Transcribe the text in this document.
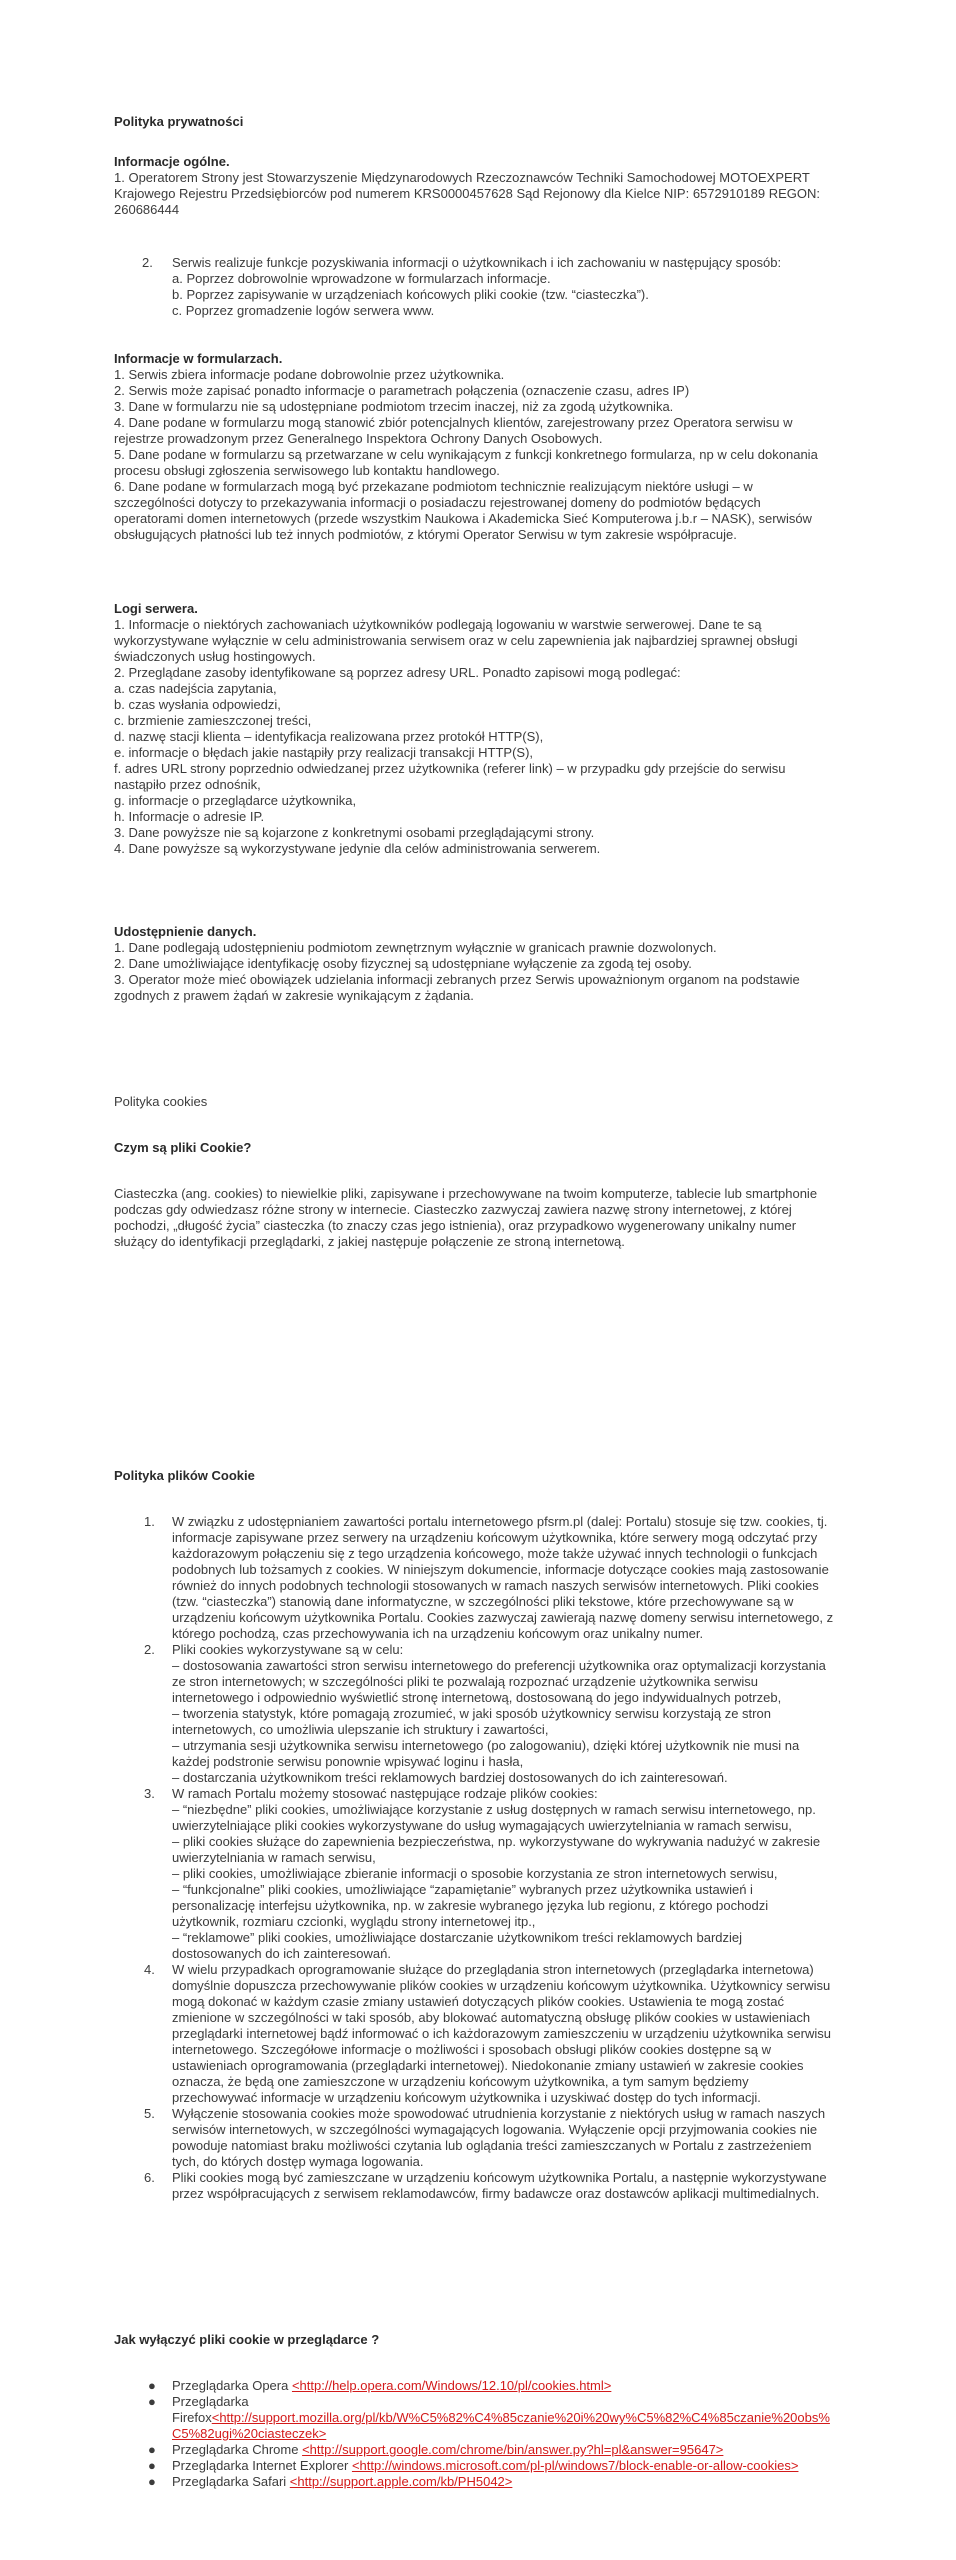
Polityka prywatności
Informacje ogólne.
1. Operatorem Strony jest Stowarzyszenie Międzynarodowych Rzeczoznawców Techniki Samochodowej MOTOEXPERT
Krajowego Rejestru Przedsiębiorców pod numerem KRS0000457628 Sąd Rejonowy dla Kielce NIP: 6572910189 REGON:
260686444
2.	Serwis realizuje funkcje pozyskiwania informacji o użytkownikach i ich zachowaniu w następujący sposób:
a. Poprzez dobrowolnie wprowadzone w formularzach informacje.
b. Poprzez zapisywanie w urządzeniach końcowych pliki cookie (tzw. “ciasteczka”).
c. Poprzez gromadzenie logów serwera www.
Informacje w formularzach.
1. Serwis zbiera informacje podane dobrowolnie przez użytkownika.
2. Serwis może zapisać ponadto informacje o parametrach połączenia (oznaczenie czasu, adres IP)
3. Dane w formularzu nie są udostępniane podmiotom trzecim inaczej, niż za zgodą użytkownika.
4. Dane podane w formularzu mogą stanowić zbiór potencjalnych klientów, zarejestrowany przez Operatora serwisu w
rejestrze prowadzonym przez Generalnego Inspektora Ochrony Danych Osobowych.
5. Dane podane w formularzu są przetwarzane w celu wynikającym z funkcji konkretnego formularza, np w celu dokonania
procesu obsługi zgłoszenia serwisowego lub kontaktu handlowego.
6. Dane podane w formularzach mogą być przekazane podmiotom technicznie realizującym niektóre usługi – w
szczególności dotyczy to przekazywania informacji o posiadaczu rejestrowanej domeny do podmiotów będących
operatorami domen internetowych (przede wszystkim Naukowa i Akademicka Sieć Komputerowa j.b.r – NASK), serwisów
obsługujących płatności lub też innych podmiotów, z którymi Operator Serwisu w tym zakresie współpracuje.
Logi serwera.
1. Informacje o niektórych zachowaniach użytkowników podlegają logowaniu w warstwie serwerowej. Dane te są
wykorzystywane wyłącznie w celu administrowania serwisem oraz w celu zapewnienia jak najbardziej sprawnej obsługi
świadczonych usług hostingowych.
2. Przeglądane zasoby identyfikowane są poprzez adresy URL. Ponadto zapisowi mogą podlegać:
a. czas nadejścia zapytania,
b. czas wysłania odpowiedzi,
c. brzmienie zamieszczonej treści,
d. nazwę stacji klienta – identyfikacja realizowana przez protokół HTTP(S),
e. informacje o błędach jakie nastąpiły przy realizacji transakcji HTTP(S),
f. adres URL strony poprzednio odwiedzanej przez użytkownika (referer link) – w przypadku gdy przejście do serwisu
nastąpiło przez odnośnik,
g. informacje o przeglądarce użytkownika,
h. Informacje o adresie IP.
3. Dane powyższe nie są kojarzone z konkretnymi osobami przeglądającymi strony.
4. Dane powyższe są wykorzystywane jedynie dla celów administrowania serwerem.
Udostępnienie danych.
1. Dane podlegają udostępnieniu podmiotom zewnętrznym wyłącznie w granicach prawnie dozwolonych.
2. Dane umożliwiające identyfikację osoby fizycznej są udostępniane wyłączenie za zgodą tej osoby.
3. Operator może mieć obowiązek udzielania informacji zebranych przez Serwis upoważnionym organom na podstawie
zgodnych z prawem żądań w zakresie wynikającym z żądania.
Polityka cookies
Czym są pliki Cookie?
Ciasteczka (ang. cookies) to niewielkie pliki, zapisywane i przechowywane na twoim komputerze, tablecie lub smartphonie
podczas gdy odwiedzasz różne strony w internecie. Ciasteczko zazwyczaj zawiera nazwę strony internetowej, z której
pochodzi, „długość życia” ciasteczka (to znaczy czas jego istnienia), oraz przypadkowo wygenerowany unikalny numer
służący do identyfikacji przeglądarki, z jakiej następuje połączenie ze stroną internetową.
Polityka plików Cookie
1. W związku z udostępnianiem zawartości portalu internetowego pfsrm.pl (dalej: Portalu) stosuje się tzw. cookies, tj.
informacje zapisywane przez serwery na urządzeniu końcowym użytkownika, które serwery mogą odczytać przy
każdorazowym połączeniu się z tego urządzenia końcowego, może także używać innych technologii o funkcjach
podobnych lub tożsamych z cookies. W niniejszym dokumencie, informacje dotyczące cookies mają zastosowanie
również do innych podobnych technologii stosowanych w ramach naszych serwisów internetowych. Pliki cookies
(tzw. “ciasteczka”) stanowią dane informatyczne, w szczególności pliki tekstowe, które przechowywane są w
urządzeniu końcowym użytkownika Portalu. Cookies zazwyczaj zawierają nazwę domeny serwisu internetowego, z
którego pochodzą, czas przechowywania ich na urządzeniu końcowym oraz unikalny numer.
2. Pliki cookies wykorzystywane są w celu:
– dostosowania zawartości stron serwisu internetowego do preferencji użytkownika oraz optymalizacji korzystania
ze stron internetowych; w szczególności pliki te pozwalają rozpoznać urządzenie użytkownika serwisu
internetowego i odpowiednio wyświetlić stronę internetową, dostosowaną do jego indywidualnych potrzeb,
– tworzenia statystyk, które pomagają zrozumieć, w jaki sposób użytkownicy serwisu korzystają ze stron
internetowych, co umożliwia ulepszanie ich struktury i zawartości,
– utrzymania sesji użytkownika serwisu internetowego (po zalogowaniu), dzięki której użytkownik nie musi na
każdej podstronie serwisu ponownie wpisywać loginu i hasła,
– dostarczania użytkownikom treści reklamowych bardziej dostosowanych do ich zainteresowań.
3. W ramach Portalu możemy stosować następujące rodzaje plików cookies:
– “niezbędne” pliki cookies, umożliwiające korzystanie z usług dostępnych w ramach serwisu internetowego, np.
uwierzytelniające pliki cookies wykorzystywane do usług wymagających uwierzytelniania w ramach serwisu,
– pliki cookies służące do zapewnienia bezpieczeństwa, np. wykorzystywane do wykrywania nadużyć w zakresie
uwierzytelniania w ramach serwisu,
– pliki cookies, umożliwiające zbieranie informacji o sposobie korzystania ze stron internetowych serwisu,
– “funkcjonalne” pliki cookies, umożliwiające “zapamiętanie” wybranych przez użytkownika ustawień i
personalizację interfejsu użytkownika, np. w zakresie wybranego języka lub regionu, z którego pochodzi
użytkownik, rozmiaru czcionki, wyglądu strony internetowej itp.,
– “reklamowe” pliki cookies, umożliwiające dostarczanie użytkownikom treści reklamowych bardziej
dostosowanych do ich zainteresowań.
4. W wielu przypadkach oprogramowanie służące do przeglądania stron internetowych (przeglądarka internetowa)
domyślnie dopuszcza przechowywanie plików cookies w urządzeniu końcowym użytkownika. Użytkownicy serwisu
mogą dokonać w każdym czasie zmiany ustawień dotyczących plików cookies. Ustawienia te mogą zostać
zmienione w szczególności w taki sposób, aby blokować automatyczną obsługę plików cookies w ustawieniach
przeglądarki internetowej bądź informować o ich każdorazowym zamieszczeniu w urządzeniu użytkownika serwisu
internetowego. Szczegółowe informacje o możliwości i sposobach obsługi plików cookies dostępne są w
ustawieniach oprogramowania (przeglądarki internetowej). Niedokonanie zmiany ustawień w zakresie cookies
oznacza, że będą one zamieszczone w urządzeniu końcowym użytkownika, a tym samym będziemy
przechowywać informacje w urządzeniu końcowym użytkownika i uzyskiwać dostęp do tych informacji.
5. Wyłączenie stosowania cookies może spowodować utrudnienia korzystanie z niektórych usług w ramach naszych
serwisów internetowych, w szczególności wymagających logowania. Wyłączenie opcji przyjmowania cookies nie
powoduje natomiast braku możliwości czytania lub oglądania treści zamieszczanych w Portalu z zastrzeżeniem
tych, do których dostęp wymaga logowania.
6. Pliki cookies mogą być zamieszczane w urządzeniu końcowym użytkownika Portalu, a następnie wykorzystywane
przez współpracujących z serwisem reklamodawców, firmy badawcze oraz dostawców aplikacji multimedialnych.
Jak wyłączyć pliki cookie w przeglądarce ?
● Przeglądarka Opera <http://help.opera.com/Windows/12.10/pl/cookies.html>
● Przeglądarka
Firefox<http://support.mozilla.org/pl/kb/W%C5%82%C4%85czanie%20i%20wy%C5%82%C4%85czanie%20obs%
C5%82ugi%20ciasteczek>
● Przeglądarka Chrome <http://support.google.com/chrome/bin/answer.py?hl=pl&answer=95647>
● Przeglądarka Internet Explorer <http://windows.microsoft.com/pl-pl/windows7/block-enable-or-allow-cookies>
● Przeglądarka Safari <http://support.apple.com/kb/PH5042>
